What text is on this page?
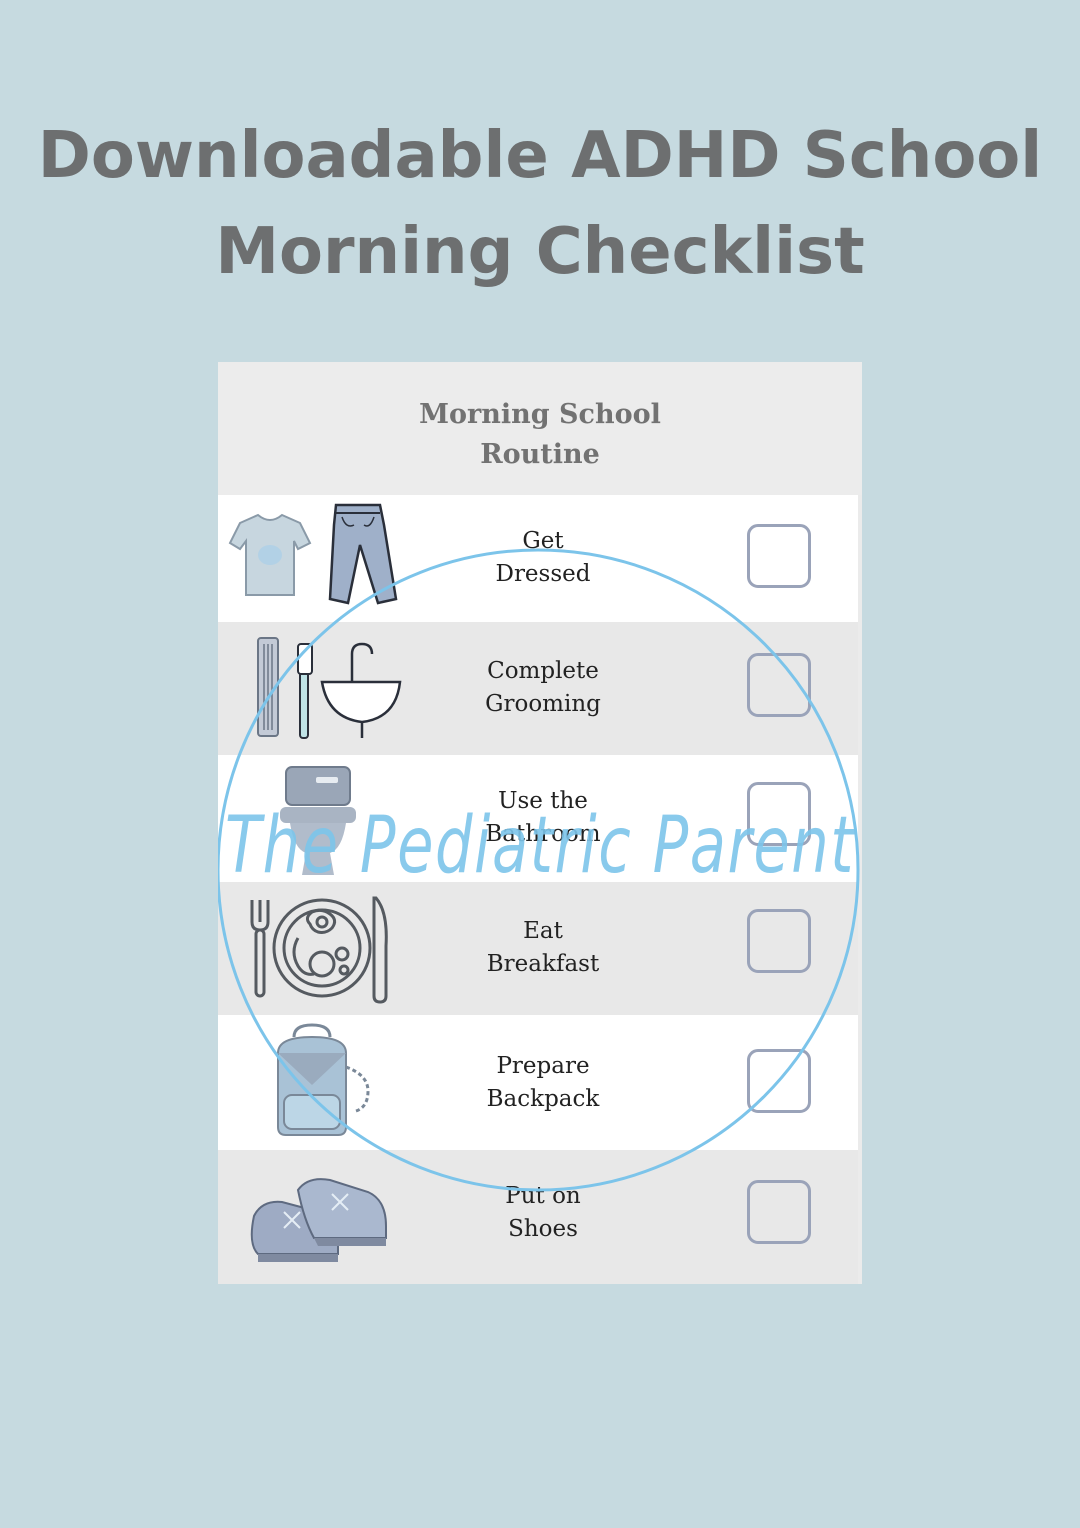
Downloadable ADHD School
Morning Checklist
Morning School
Routine
Get
Dressed
Complete
Grooming
Use the
Bathroom
Eat
Breakfast
Prepare
Backpack
Put on
Shoes
The Pediatric Parent
